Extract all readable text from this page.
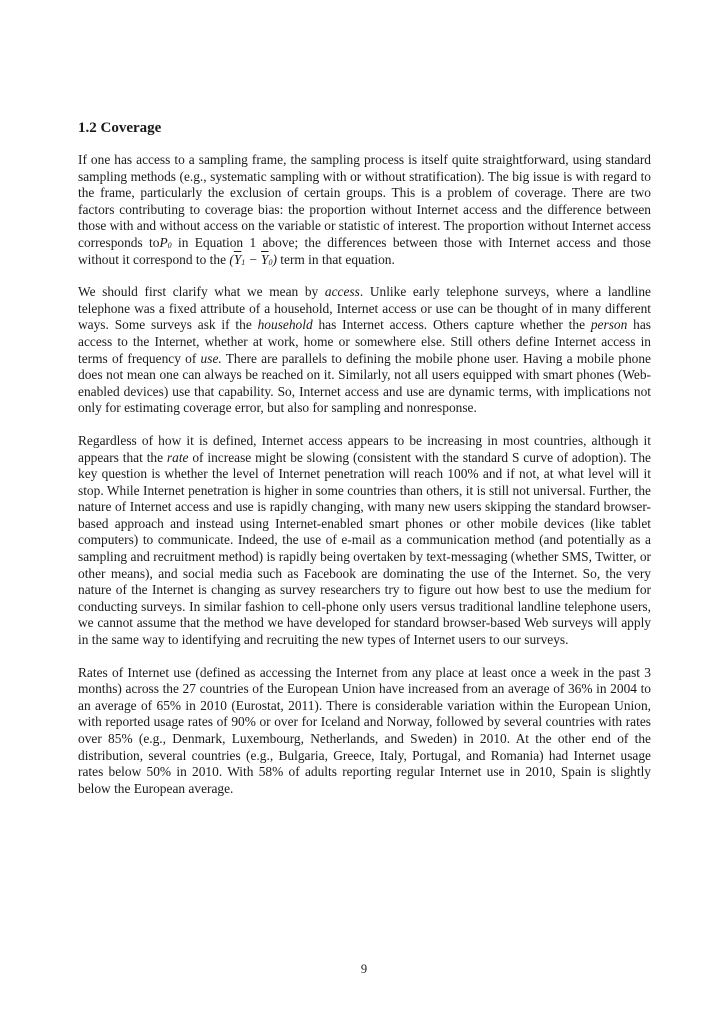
1.2 Coverage

If one has access to a sampling frame, the sampling process is itself quite straightforward, using standard sampling methods (e.g., systematic sampling with or without stratification). The big issue is with regard to the frame, particularly the exclusion of certain groups. This is a problem of coverage. There are two factors contributing to coverage bias: the proportion without Internet access and the difference between those with and without access on the variable or statistic of interest. The proportion without Internet access corresponds toP$_0$ in Equation 1 above; the differences between those with Internet access and those without it correspond to the $(\overline{Y}_1 - \overline{Y}_0)$ term in that equation.

We should first clarify what we mean by access. Unlike early telephone surveys, where a landline telephone was a fixed attribute of a household, Internet access or use can be thought of in many different ways. Some surveys ask if the household has Internet access. Others capture whether the person has access to the Internet, whether at work, home or somewhere else. Still others define Internet access in terms of frequency of use. There are parallels to defining the mobile phone user. Having a mobile phone does not mean one can always be reached on it. Similarly, not all users equipped with smart phones (Web-enabled devices) use that capability. So, Internet access and use are dynamic terms, with implications not only for estimating coverage error, but also for sampling and nonresponse.

Regardless of how it is defined, Internet access appears to be increasing in most countries, although it appears that the rate of increase might be slowing (consistent with the standard S curve of adoption). The key question is whether the level of Internet penetration will reach 100% and if not, at what level will it stop. While Internet penetration is higher in some countries than others, it is still not universal. Further, the nature of Internet access and use is rapidly changing, with many new users skipping the standard browser-based approach and instead using Internet-enabled smart phones or other mobile devices (like tablet computers) to communicate. Indeed, the use of e-mail as a communication method (and potentially as a sampling and recruitment method) is rapidly being overtaken by text-messaging (whether SMS, Twitter, or other means), and social media such as Facebook are dominating the use of the Internet. So, the very nature of the Internet is changing as survey researchers try to figure out how best to use the medium for conducting surveys. In similar fashion to cell-phone only users versus traditional landline telephone users, we cannot assume that the method we have developed for standard browser-based Web surveys will apply in the same way to identifying and recruiting the new types of Internet users to our surveys.

Rates of Internet use (defined as accessing the Internet from any place at least once a week in the past 3 months) across the 27 countries of the European Union have increased from an average of 36% in 2004 to an average of 65% in 2010 (Eurostat, 2011). There is considerable variation within the European Union, with reported usage rates of 90% or over for Iceland and Norway, followed by several countries with rates over 85% (e.g., Denmark, Luxembourg, Netherlands, and Sweden) in 2010. At the other end of the distribution, several countries (e.g., Bulgaria, Greece, Italy, Portugal, and Romania) had Internet usage rates below 50% in 2010. With 58% of adults reporting regular Internet use in 2010, Spain is slightly below the European average.

9
